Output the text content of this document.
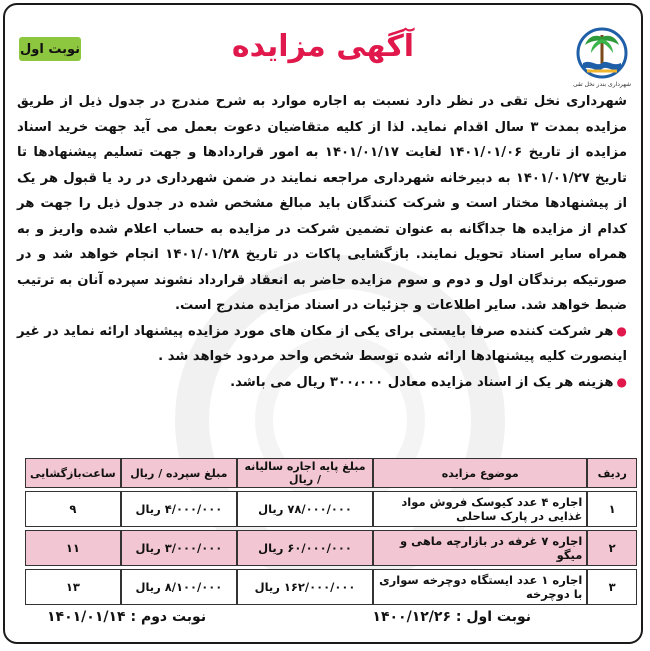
نوبت اول	آگهی مزایده
شهرداری بندر نخل تقی

شهرداری نخل تقی در نظر دارد نسبت به اجاره موارد به شرح مندرج در جدول ذیل از طریق مزایده بمدت ۳ سال اقدام نماید. لذا از کلیه متقاضیان دعوت بعمل می آید جهت خرید اسناد مزایده از تاریخ ۱۴۰۱/۰۱/۰۶ لغایت ۱۴۰۱/۰۱/۱۷ به امور قراردادها و جهت تسلیم پیشنهادها تا تاریخ ۱۴۰۱/۰۱/۲۷ به دبیرخانه شهرداری مراجعه نمایند در ضمن شهرداری در رد یا قبول هر یک از پیشنهادها مختار است و شرکت کنندگان باید مبالغ مشخص شده در جدول ذیل را جهت هر کدام از مزایده ها جداگانه به عنوان تضمین شرکت در مزایده به حساب اعلام شده واریز و به همراه سایر اسناد تحویل نمایند. بازگشایی پاکات در تاریخ ۱۴۰۱/۰۱/۲۸ انجام خواهد شد و در صورتیکه برندگان اول و دوم و سوم مزایده حاضر به انعقاد قرارداد نشوند سپرده آنان به ترتیب ضبط خواهد شد. سایر اطلاعات و جزئیات در اسناد مزایده مندرج است.

●هر شرکت کننده صرفا بایستی برای یکی از مکان های مورد مزایده پیشنهاد ارائه نماید در غیر اینصورت کلیه پیشنهادها ارائه شده توسط شخص واحد مردود خواهد شد .

●هزینه هر یک از اسناد مزایده معادل ۳۰۰،۰۰۰ ریال می باشد.

ردیف	موضوع مزایده	مبلغ پایه اجاره سالیانه / ریال	مبلغ سپرده / ریال	ساعت‌بازگشایی
۱	اجاره ۴ عدد کیوسک فروش مواد غذایی در پارک ساحلی	۷۸/۰۰۰/۰۰۰ ریال	۴/۰۰۰/۰۰۰ ریال	۹
۲	اجاره ۷ غرفه در بازارچه ماهی و میگو	۶۰/۰۰۰/۰۰۰ ریال	۳/۰۰۰/۰۰۰ ریال	۱۱
۳	اجاره ۱ عدد ایستگاه دوچرخه سواری با دوچرخه	۱۶۲/۰۰۰/۰۰۰ ریال	۸/۱۰۰/۰۰۰ ریال	۱۳
نوبت اول : ۱۴۰۰/۱۲/۲۶
نوبت دوم : ۱۴۰۱/۰۱/۱۴
